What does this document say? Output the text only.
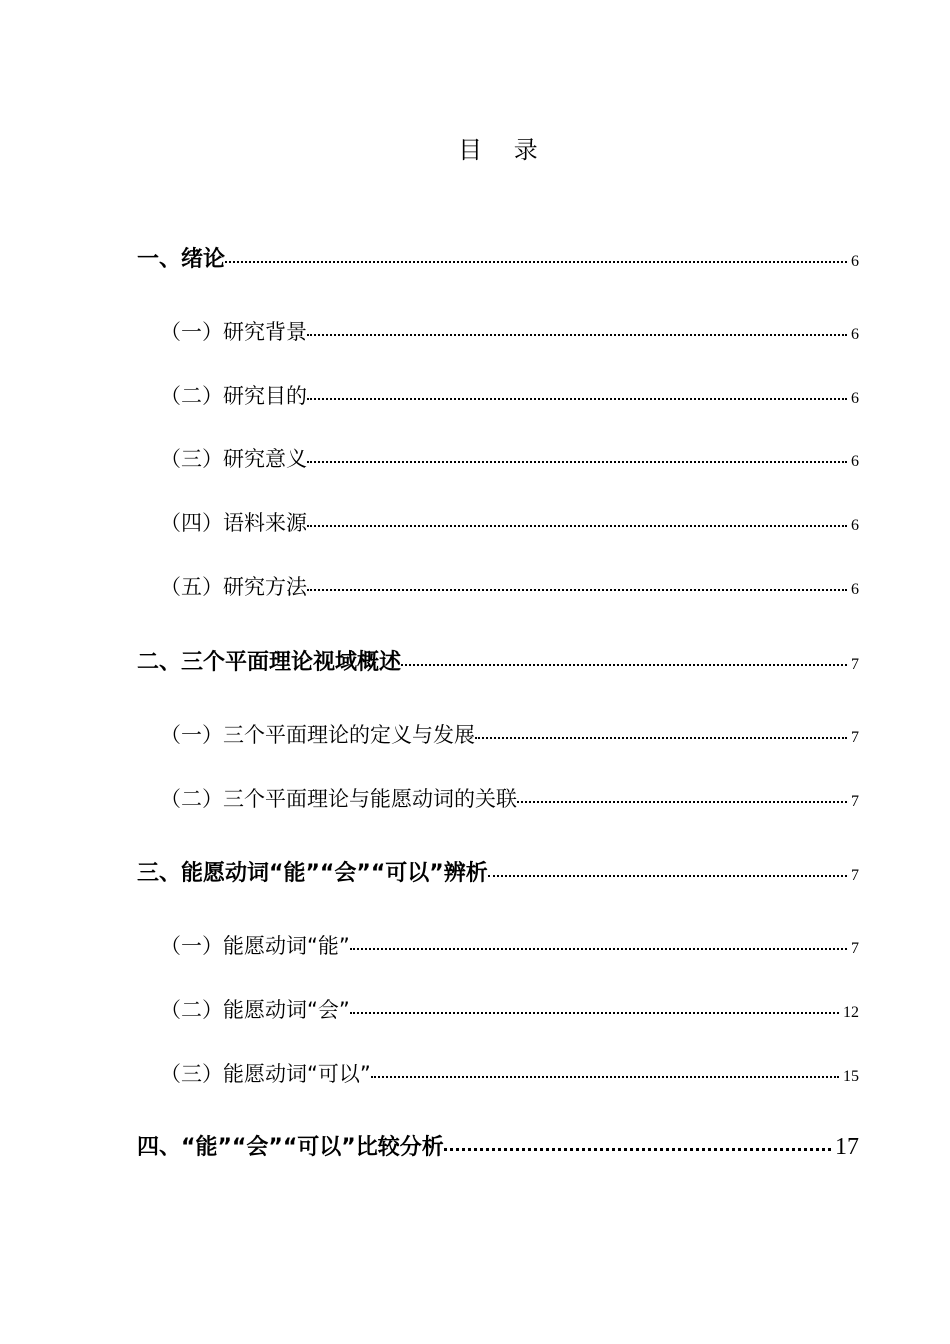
目 录
一、绪论	6
（一）研究背景	6
（二）研究目的	6
（三）研究意义	6
（四）语料来源	6
（五）研究方法	6
二、三个平面理论视域概述	7
（一）三个平面理论的定义与发展	7
（二）三个平面理论与能愿动词的关联	7
三、能愿动词“能”“会”“可以”辨析	7
（一）能愿动词“能”	7
（二）能愿动词“会”	12
（三）能愿动词“可以”	15
四、“能”“会”“可以”比较分析	17
